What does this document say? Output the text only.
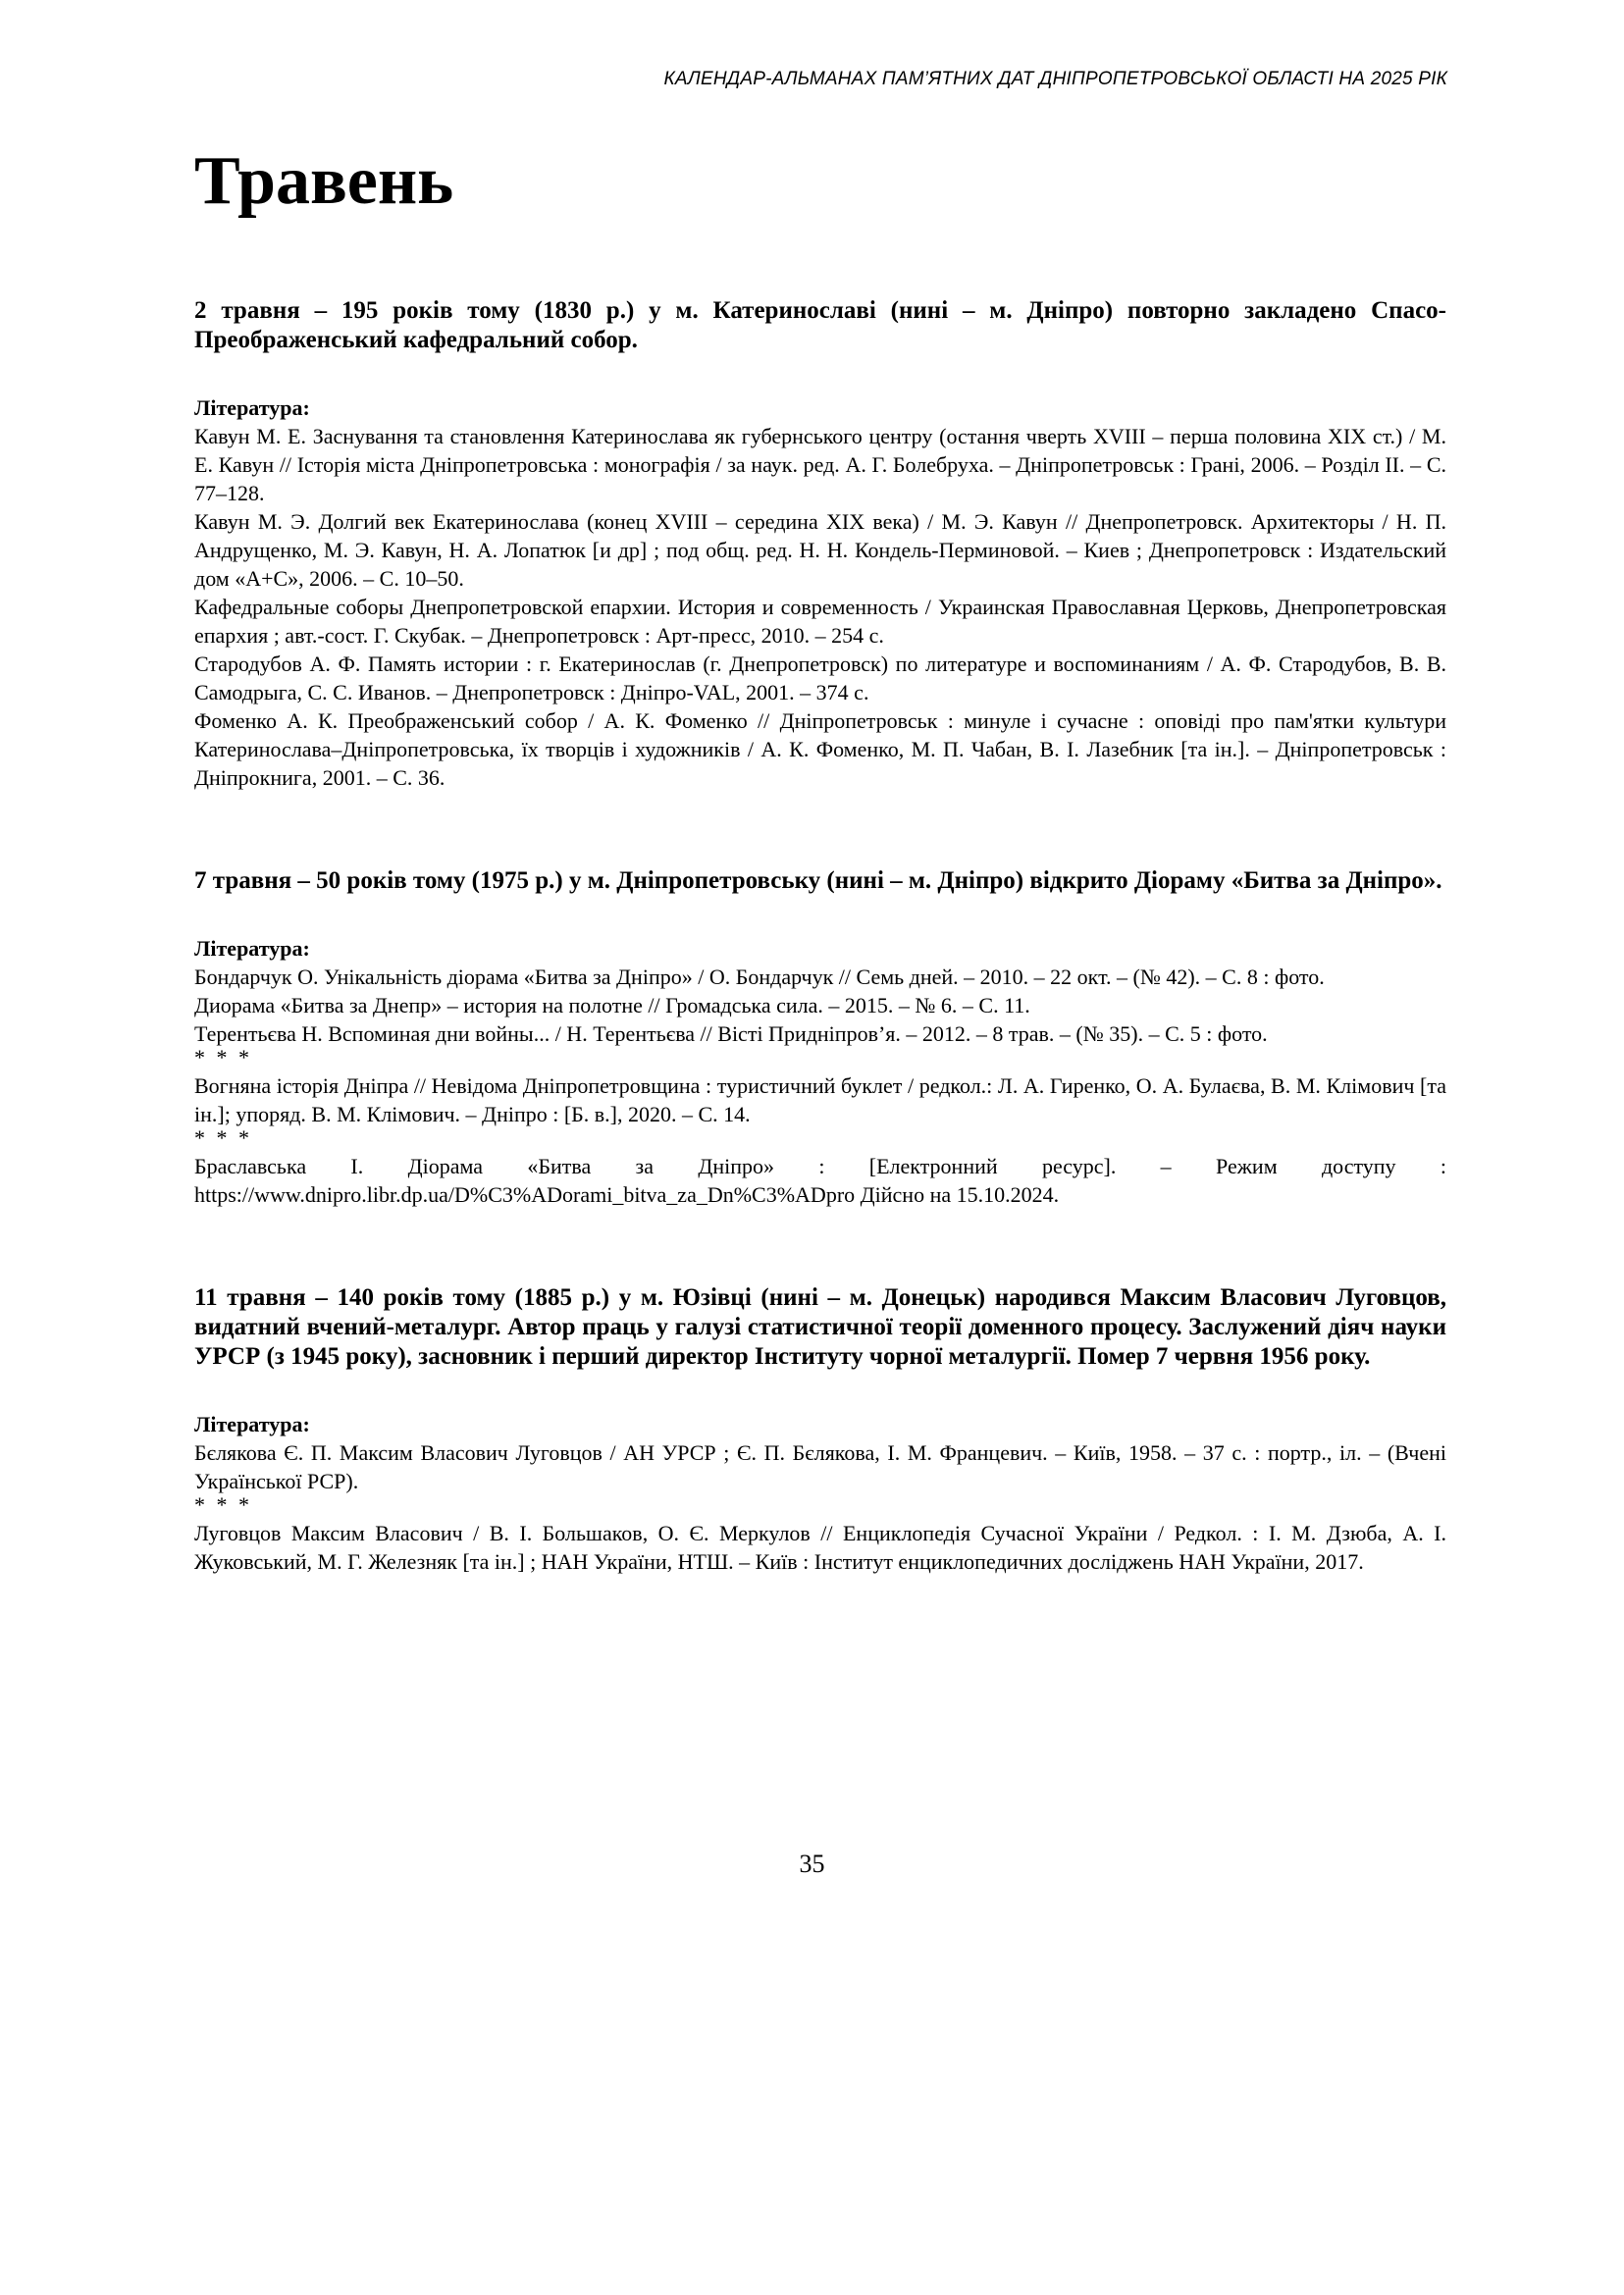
КАЛЕНДАР-АЛЬМАНАХ ПАМ’ЯТНИХ ДАТ ДНІПРОПЕТРОВСЬКОЇ ОБЛАСТІ НА 2025 РІК
Травень

2 травня – 195 років тому (1830 р.) у м. Катеринославі (нині – м. Дніпро) повторно закладено Спасо-Преображенський кафедральний собор.

Література:

Кавун М. Е. Заснування та становлення Катеринослава як губернського центру (остання чверть XVIII – перша половина XIX ст.) / М. Е. Кавун // Історія міста Дніпропетровська : монографія / за наук. ред. А. Г. Болебруха. – Дніпропетровськ : Грані, 2006. – Розділ II. – С. 77–128.

Кавун М. Э. Долгий век Екатеринослава (конец XVIII – середина XIX века) / М. Э. Кавун // Днепропетровск. Архитекторы / Н. П. Андрущенко, М. Э. Кавун, Н. А. Лопатюк [и др] ; под общ. ред. Н. Н. Кондель-Перминовой. – Киев ; Днепропетровск : Издательский дом «А+С», 2006. – С. 10–50.

Кафедральные соборы Днепропетровской епархии. История и современность / Украинская Православная Церковь, Днепропетровская епархия ; авт.-сост. Г. Скубак. – Днепропетровск : Арт-пресс, 2010. – 254 с.

Стародубов А. Ф. Память истории : г. Екатеринослав (г. Днепропетровск) по литературе и воспоминаниям / А. Ф. Стародубов, В. В. Самодрыга, С. С. Иванов. – Днепропетровск : Дніпро-VAL, 2001. – 374 с.

Фоменко А. К. Преображенський собор / А. К. Фоменко // Дніпропетровськ : минуле і сучасне : оповіді про пам'ятки культури Катеринослава–Дніпропетровська, їх творців і художників / А. К. Фоменко, М. П. Чабан, В. І. Лазебник [та ін.]. – Дніпропетровськ : Дніпрокнига, 2001. – С. 36.

7 травня – 50 років тому (1975 р.) у м. Дніпропетровську (нині – м. Дніпро) відкрито Діораму «Битва за Дніпро».

Література:

Бондарчук О. Унікальність діорама «Битва за Дніпро» / О. Бондарчук // Семь дней. – 2010. – 22 окт. – (№ 42). – С. 8 : фото.

Диорама «Битва за Днепр» – история на полотне // Громадська сила. – 2015. – № 6. – С. 11.

Терентьєва Н. Вспоминая дни войны... / Н. Терентьєва // Вісті Придніпров’я. – 2012. – 8 трав. – (№ 35). – С. 5 : фото.

* * *

Вогняна історія Дніпра // Невідома Дніпропетровщина : туристичний буклет / редкол.: Л. А. Гиренко, О. А. Булаєва, В. М. Клімович [та ін.]; упоряд. В. М. Клімович. – Дніпро : [Б. в.], 2020. – С. 14.

* * *

Браславська І. Діорама «Битва за Дніпро» : [Електронний ресурс]. – Режим доступу : https://www.dnipro.libr.dp.ua/D%C3%ADorami_bitva_za_Dn%C3%ADpro Дійсно на 15.10.2024.

11 травня – 140 років тому (1885 р.) у м. Юзівці (нині – м. Донецьк) народився Максим Власович Луговцов, видатний вчений-металург. Автор праць у галузі статистичної теорії доменного процесу. Заслужений діяч науки УРСР (з 1945 року), засновник і перший директор Інституту чорної металургії. Помер 7 червня 1956 року.

Література:

Бєлякова Є. П. Максим Власович Луговцов / АН УРСР ; Є. П. Бєлякова, І. М. Францевич. – Київ, 1958. – 37 с. : портр., іл. – (Вчені Української РСР).

* * *

Луговцов Максим Власович / В. І. Большаков, О. Є. Меркулов // Енциклопедія Сучасної України / Редкол. : І. М. Дзюба, А. І. Жуковський, М. Г. Железняк [та ін.] ; НАН України, НТШ. – Київ : Інститут енциклопедичних досліджень НАН України, 2017.

35
